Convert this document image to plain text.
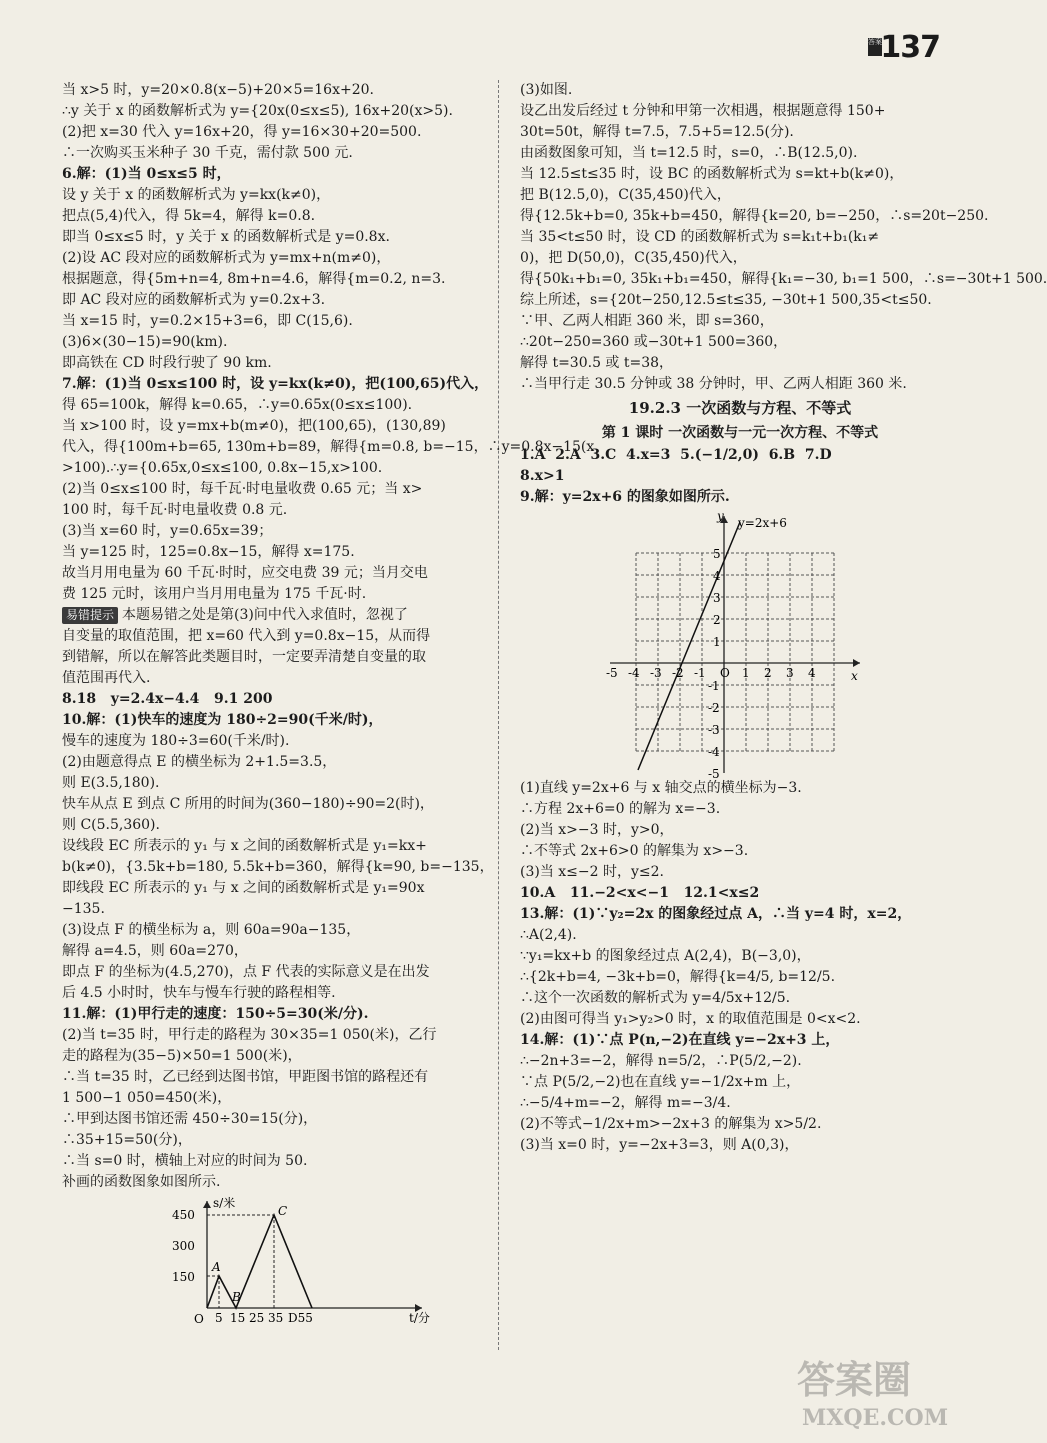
答案
137
当 x>5 时，y=20×0.8(x−5)+20×5=16x+20.
∴y 关于 x 的函数解析式为 y={20x(0≤x≤5), 16x+20(x>5).
(2)把 x=30 代入 y=16x+20，得 y=16×30+20=500.
∴一次购买玉米种子 30 千克，需付款 500 元.
6.解：(1)当 0≤x≤5 时，
设 y 关于 x 的函数解析式为 y=kx(k≠0)，
把点(5,4)代入，得 5k=4，解得 k=0.8.
即当 0≤x≤5 时，y 关于 x 的函数解析式是 y=0.8x.
(2)设 AC 段对应的函数解析式为 y=mx+n(m≠0)，
根据题意，得{5m+n=4, 8m+n=4.6，解得{m=0.2, n=3.
即 AC 段对应的函数解析式为 y=0.2x+3.
当 x=15 时，y=0.2×15+3=6，即 C(15,6).
(3)6×(30−15)=90(km).
即高铁在 CD 时段行驶了 90 km.
7.解：(1)当 0≤x≤100 时，设 y=kx(k≠0)，把(100,65)代入，
得 65=100k，解得 k=0.65，∴y=0.65x(0≤x≤100).
当 x>100 时，设 y=mx+b(m≠0)，把(100,65)，(130,89)
代入，得{100m+b=65, 130m+b=89，解得{m=0.8, b=−15，∴y=0.8x−15(x
>100).∴y={0.65x,0≤x≤100, 0.8x−15,x>100.
(2)当 0≤x≤100 时，每千瓦·时电量收费 0.65 元；当 x>
100 时，每千瓦·时电量收费 0.8 元.
(3)当 x=60 时，y=0.65x=39；
当 y=125 时，125=0.8x−15，解得 x=175.
故当月用电量为 60 千瓦·时时，应交电费 39 元；当月交电
费 125 元时，该用户当月用电量为 175 千瓦·时.
易错提示 本题易错之处是第(3)问中代入求值时，忽视了
自变量的取值范围，把 x=60 代入到 y=0.8x−15，从而得
到错解，所以在解答此类题目时，一定要弄清楚自变量的取
值范围再代入.
8.18   y=2.4x−4.4   9.1 200
10.解：(1)快车的速度为 180÷2=90(千米/时)，
慢车的速度为 180÷3=60(千米/时).
(2)由题意得点 E 的横坐标为 2+1.5=3.5，
则 E(3.5,180).
快车从点 E 到点 C 所用的时间为(360−180)÷90=2(时)，
则 C(5.5,360).
设线段 EC 所表示的 y₁ 与 x 之间的函数解析式是 y₁=kx+
b(k≠0)，{3.5k+b=180, 5.5k+b=360，解得{k=90, b=−135，
即线段 EC 所表示的 y₁ 与 x 之间的函数解析式是 y₁=90x
−135.
(3)设点 F 的横坐标为 a，则 60a=90a−135，
解得 a=4.5，则 60a=270，
即点 F 的坐标为(4.5,270)，点 F 代表的实际意义是在出发
后 4.5 小时时，快车与慢车行驶的路程相等.
11.解：(1)甲行走的速度：150÷5=30(米/分).
(2)当 t=35 时，甲行走的路程为 30×35=1 050(米)，乙行
走的路程为(35−5)×50=1 500(米)，
∴当 t=35 时，乙已经到达图书馆，甲距图书馆的路程还有
1 500−1 050=450(米)，
∴甲到达图书馆还需 450÷30=15(分)，
∴35+15=50(分)，
∴当 s=0 时，横轴上对应的时间为 50.
补画的函数图象如图所示.
s/米
t/分
O
450
300
150
5 15 25 35 D55
A
B
C
(3)如图.
设乙出发后经过 t 分钟和甲第一次相遇，根据题意得 150+
30t=50t，解得 t=7.5，7.5+5=12.5(分).
由函数图象可知，当 t=12.5 时，s=0，∴B(12.5,0).
当 12.5≤t≤35 时，设 BC 的函数解析式为 s=kt+b(k≠0)，
把 B(12.5,0)，C(35,450)代入，
得{12.5k+b=0, 35k+b=450，解得{k=20, b=−250，∴s=20t−250.
当 35<t≤50 时，设 CD 的函数解析式为 s=k₁t+b₁(k₁≠
0)，把 D(50,0)，C(35,450)代入，
得{50k₁+b₁=0, 35k₁+b₁=450，解得{k₁=−30, b₁=1 500，∴s=−30t+1 500.
综上所述，s={20t−250,12.5≤t≤35, −30t+1 500,35<t≤50.
∵甲、乙两人相距 360 米，即 s=360，
∴20t−250=360 或−30t+1 500=360，
解得 t=30.5 或 t=38，
∴当甲行走 30.5 分钟或 38 分钟时，甲、乙两人相距 360 米.
19.2.3 一次函数与方程、不等式
第 1 课时 一次函数与一元一次方程、不等式
1.A  2.A  3.C  4.x=3  5.(−1/2,0)  6.B  7.D
8.x>1
9.解：y=2x+6 的图象如图所示.
y=2x+6
x
y
-5 -4 -3 -2 -1 O 1 2 3 4
5
4
3
2
1
-1
-2
-3
-4
-5
(1)直线 y=2x+6 与 x 轴交点的横坐标为−3.
∴方程 2x+6=0 的解为 x=−3.
(2)当 x>−3 时，y>0，
∴不等式 2x+6>0 的解集为 x>−3.
(3)当 x≤−2 时，y≤2.
10.A   11.−2<x<−1   12.1<x≤2
13.解：(1)∵y₂=2x 的图象经过点 A，∴当 y=4 时，x=2，
∴A(2,4).
∵y₁=kx+b 的图象经过点 A(2,4)，B(−3,0)，
∴{2k+b=4, −3k+b=0，解得{k=4/5, b=12/5.
∴这个一次函数的解析式为 y=4/5x+12/5.
(2)由图可得当 y₁>y₂>0 时，x 的取值范围是 0<x<2.
14.解：(1)∵点 P(n,−2)在直线 y=−2x+3 上，
∴−2n+3=−2，解得 n=5/2，∴P(5/2,−2).
∵点 P(5/2,−2)也在直线 y=−1/2x+m 上，
∴−5/4+m=−2，解得 m=−3/4.
(2)不等式−1/2x+m>−2x+3 的解集为 x>5/2.
(3)当 x=0 时，y=−2x+3=3，则 A(0,3)，
答案圈
MXQE.COM
